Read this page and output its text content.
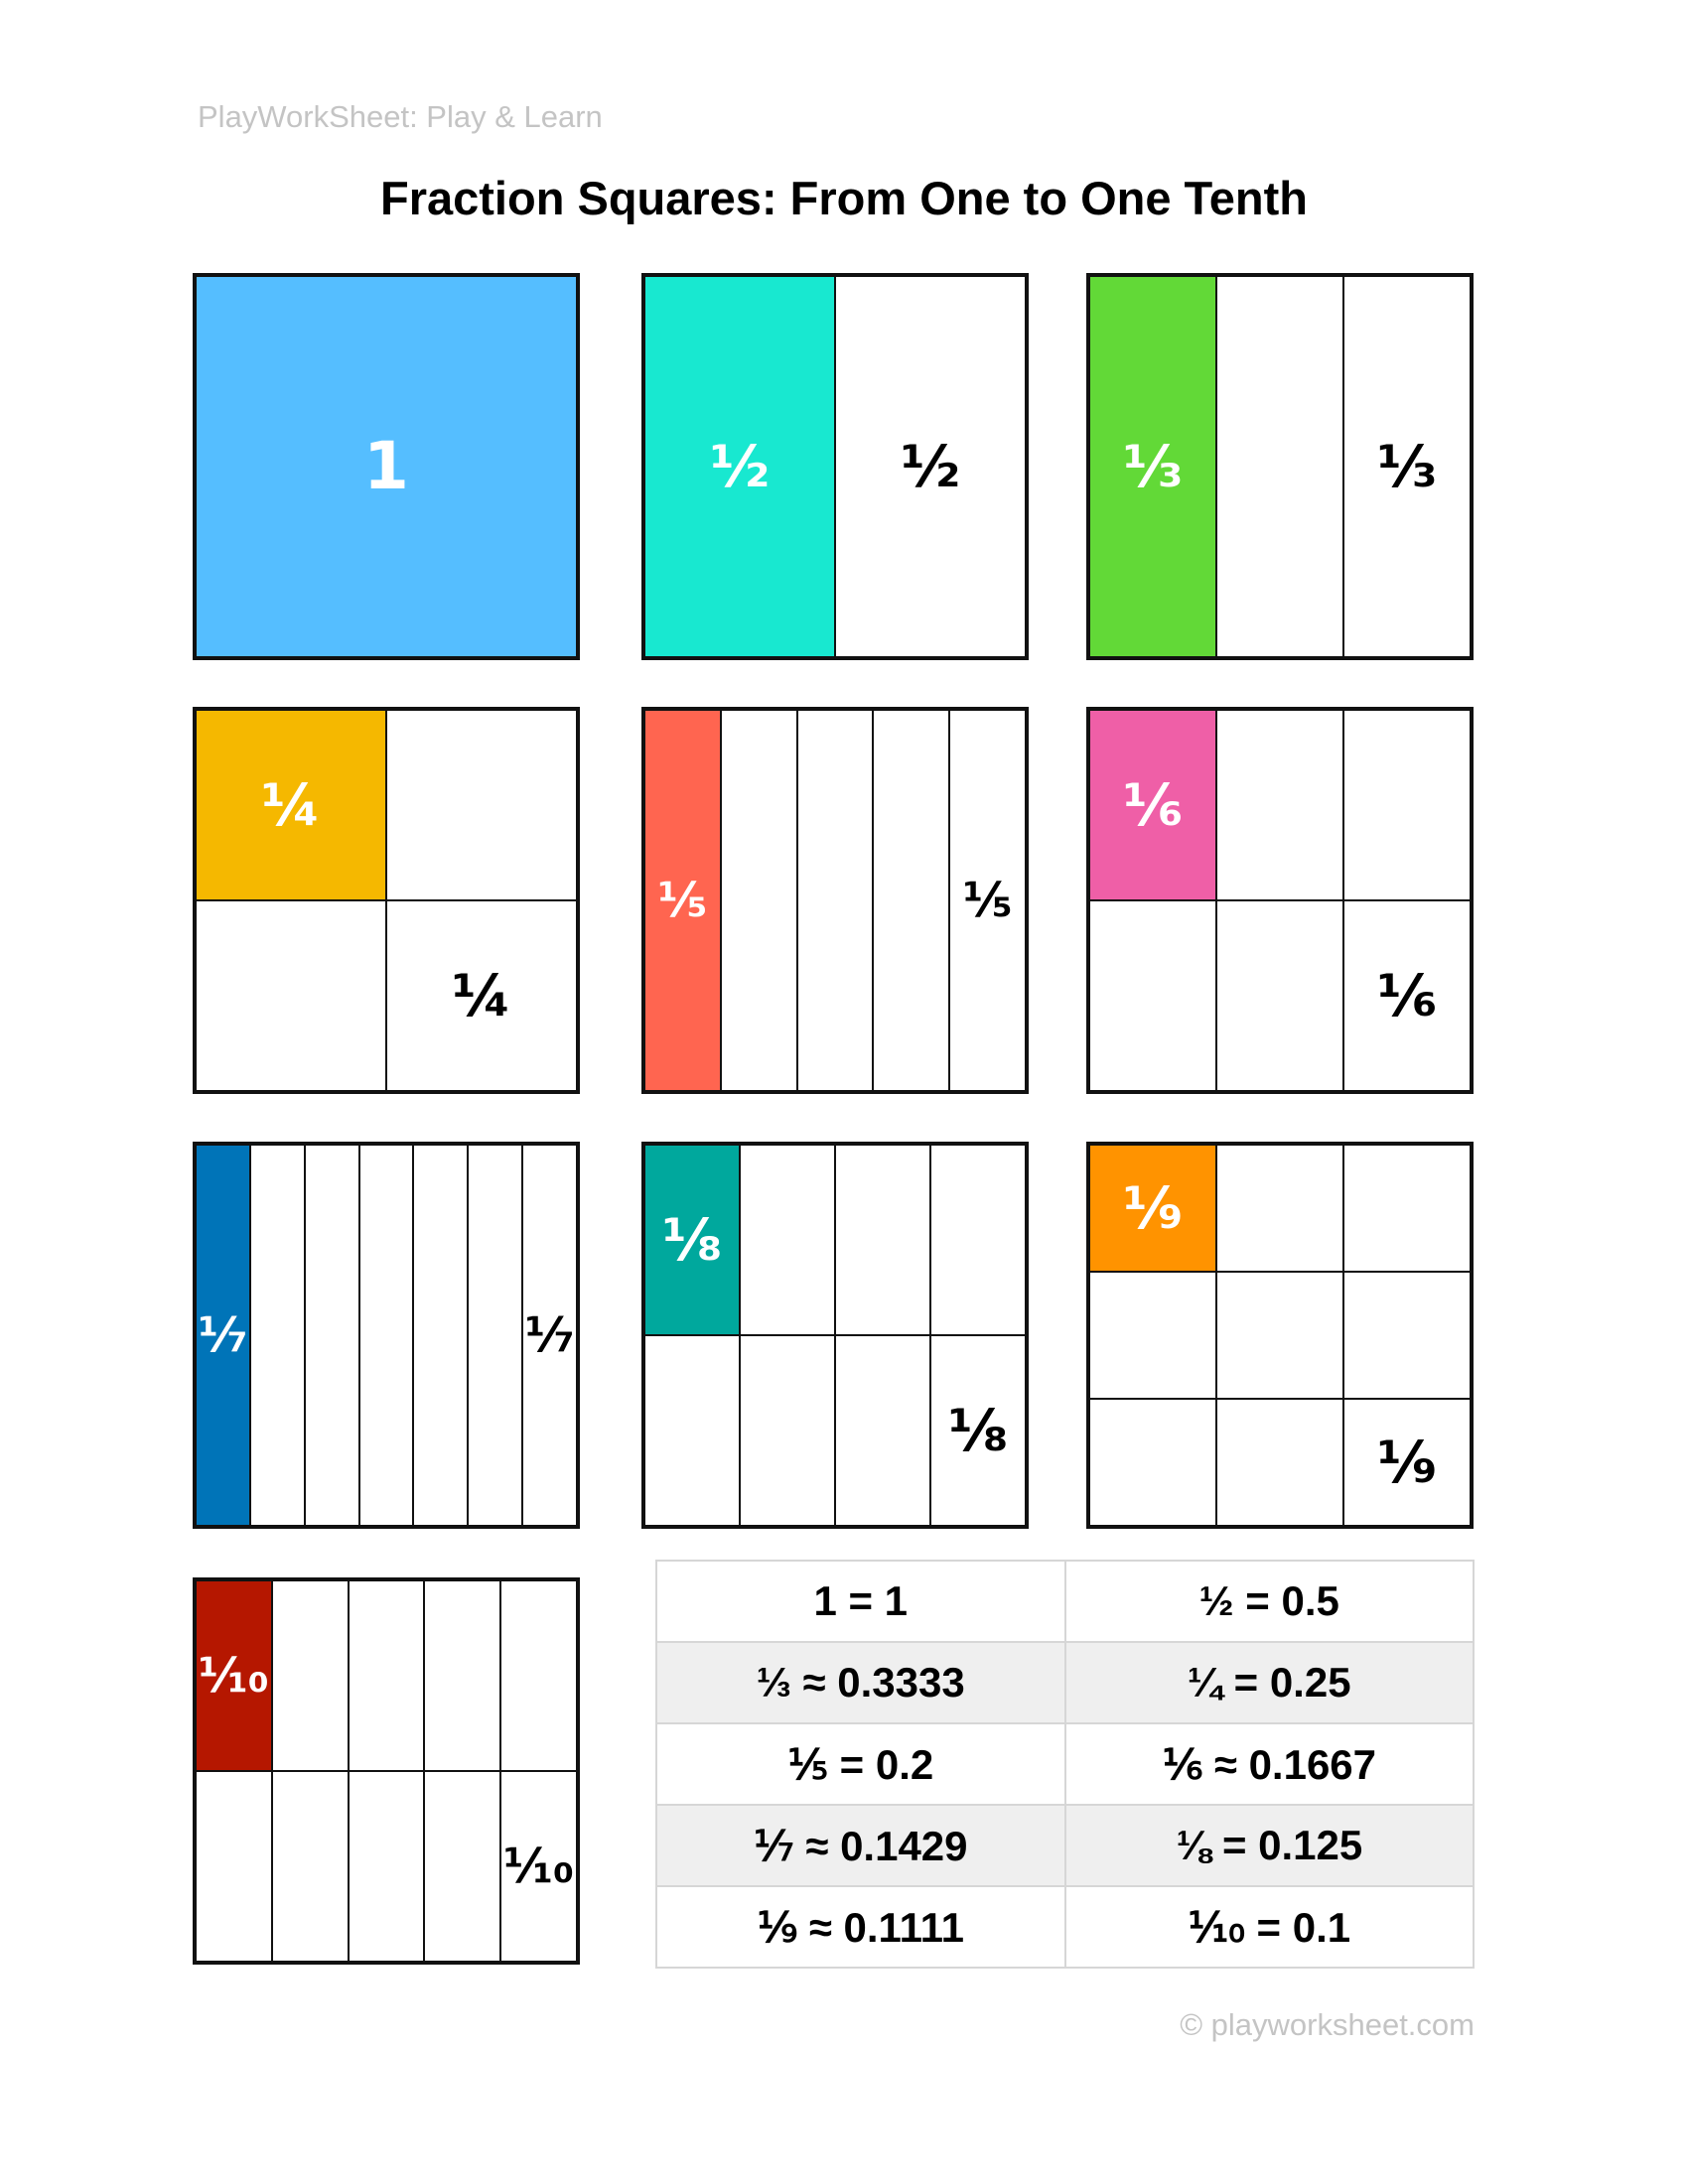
PlayWorkSheet: Play & Learn
Fraction Squares: From One to One Tenth
1	½ ½	⅓	⅓
¼
¼
⅕	⅕
⅙
⅙
⅐	⅐
⅛
⅛
⅑
⅑
⅒
⅒
1 = 1	½ = 0.5
⅓ ≈ 0.3333	¼ = 0.25
⅕ = 0.2	⅙ ≈ 0.1667
⅐ ≈ 0.1429	⅛ = 0.125
⅑ ≈ 0.1111	⅒ = 0.1
© playworksheet.com
